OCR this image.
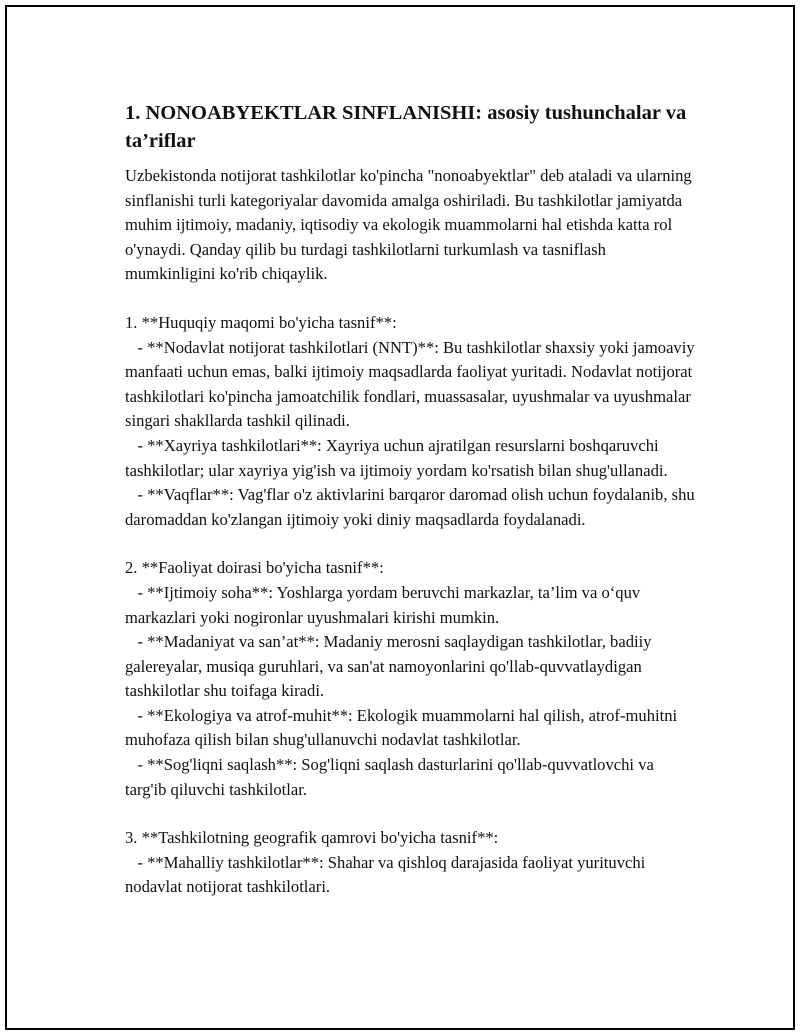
1. NONOABYEKTLAR SINFLANISHI: asosiy tushunchalar va ta’riflar

Uzbekistonda notijorat tashkilotlar ko'pincha "nonoabyektlar" deb ataladi va ularning sinflanishi turli kategoriyalar davomida amalga oshiriladi. Bu tashkilotlar jamiyatda muhim ijtimoiy, madaniy, iqtisodiy va ekologik muammolarni hal etishda katta rol o'ynaydi. Qanday qilib bu turdagi tashkilotlarni turkumlash va tasniflash mumkinligini ko'rib chiqaylik.

1. **Huquqiy maqomi bo'yicha tasnif**:
- **Nodavlat notijorat tashkilotlari (NNT)**: Bu tashkilotlar shaxsiy yoki jamoaviy manfaati uchun emas, balki ijtimoiy maqsadlarda faoliyat yuritadi. Nodavlat notijorat tashkilotlari ko'pincha jamoatchilik fondlari, muassasalar, uyushmalar va uyushmalar singari shakllarda tashkil qilinadi.
- **Xayriya tashkilotlari**: Xayriya uchun ajratilgan resurslarni boshqaruvchi tashkilotlar; ular xayriya yig'ish va ijtimoiy yordam ko'rsatish bilan shug'ullanadi.
- **Vaqflar**: Vag'flar o'z aktivlarini barqaror daromad olish uchun foydalanib, shu daromaddan ko'zlangan ijtimoiy yoki diniy maqsadlarda foydalanadi.
2. **Faoliyat doirasi bo'yicha tasnif**:
- **Ijtimoiy soha**: Yoshlarga yordam beruvchi markazlar, ta’lim va o‘quv markazlari yoki nogironlar uyushmalari kirishi mumkin.
- **Madaniyat va san’at**: Madaniy merosni saqlaydigan tashkilotlar, badiiy galereyalar, musiqa guruhlari, va san'at namoyonlarini qo'llab-quvvatlaydigan tashkilotlar shu toifaga kiradi.
- **Ekologiya va atrof-muhit**: Ekologik muammolarni hal qilish, atrof-muhitni muhofaza qilish bilan shug'ullanuvchi nodavlat tashkilotlar.
- **Sog'liqni saqlash**: Sog'liqni saqlash dasturlarini qo'llab-quvvatlovchi va targ'ib qiluvchi tashkilotlar.
3. **Tashkilotning geografik qamrovi bo'yicha tasnif**:
- **Mahalliy tashkilotlar**: Shahar va qishloq darajasida faoliyat yurituvchi nodavlat notijorat tashkilotlari.
